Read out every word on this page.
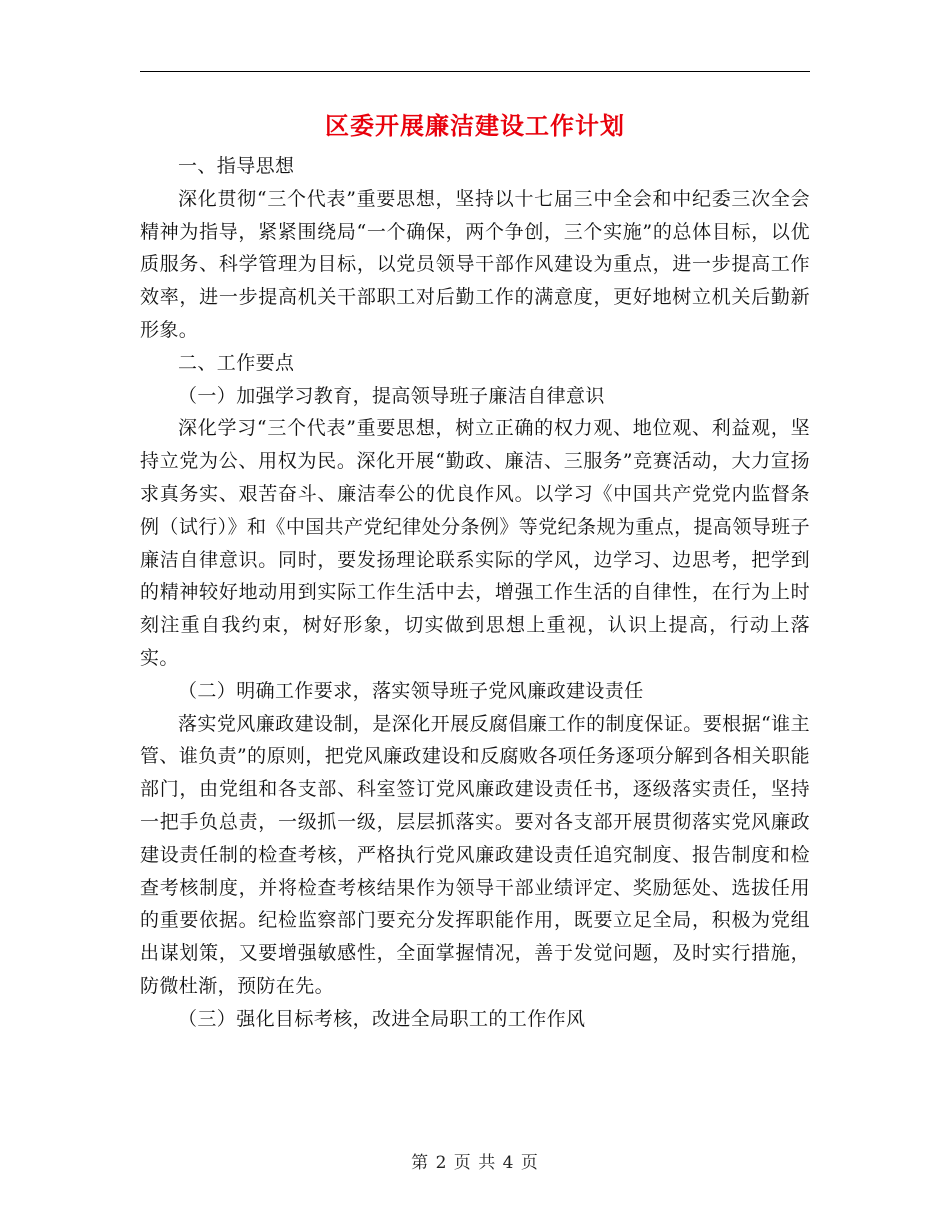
区委开展廉洁建设工作计划

一、指导思想

深化贯彻“三个代表”重要思想，坚持以十七届三中全会和中纪委三次全会精神为指导，紧紧围绕局“一个确保，两个争创，三个实施”的总体目标，以优质服务、科学管理为目标，以党员领导干部作风建设为重点，进一步提高工作效率，进一步提高机关干部职工对后勤工作的满意度，更好地树立机关后勤新形象。

二、工作要点

（一）加强学习教育，提高领导班子廉洁自律意识

深化学习“三个代表”重要思想，树立正确的权力观、地位观、利益观，坚持立党为公、用权为民。深化开展“勤政、廉洁、三服务”竞赛活动，大力宣扬求真务实、艰苦奋斗、廉洁奉公的优良作风。以学习《中国共产党党内监督条例（试行）》和《中国共产党纪律处分条例》等党纪条规为重点，提高领导班子廉洁自律意识。同时，要发扬理论联系实际的学风，边学习、边思考，把学到的精神较好地动用到实际工作生活中去，增强工作生活的自律性，在行为上时刻注重自我约束，树好形象，切实做到思想上重视，认识上提高，行动上落实。

（二）明确工作要求，落实领导班子党风廉政建设责任

落实党风廉政建设制，是深化开展反腐倡廉工作的制度保证。要根据“谁主管、谁负责”的原则，把党风廉政建设和反腐败各项任务逐项分解到各相关职能部门，由党组和各支部、科室签订党风廉政建设责任书，逐级落实责任，坚持一把手负总责，一级抓一级，层层抓落实。要对各支部开展贯彻落实党风廉政建设责任制的检查考核，严格执行党风廉政建设责任追究制度、报告制度和检查考核制度，并将检查考核结果作为领导干部业绩评定、奖励惩处、选拔任用的重要依据。纪检监察部门要充分发挥职能作用，既要立足全局，积极为党组出谋划策，又要增强敏感性，全面掌握情况，善于发觉问题，及时实行措施，防微杜渐，预防在先。

（三）强化目标考核，改进全局职工的工作作风

第 2 页 共 4 页
